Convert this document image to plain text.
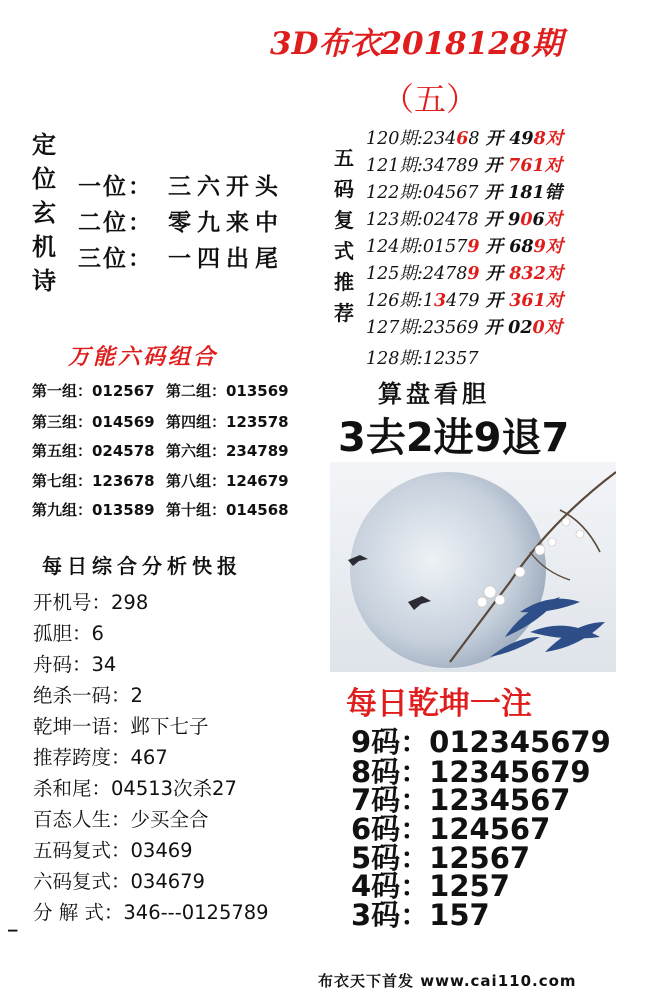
3D布衣2018128期
（五）
定
位
玄
机
诗
一位： 三六开头
二位： 零九来中
三位： 一四出尾
万能六码组合
第一组：012567 第二组：013569
第三组：014569 第四组：123578
第五组：024578 第六组：234789
第七组：123678 第八组：124679
第九组：013589 第十组：014568
每日综合分析快报
开机号：298
孤胆：6
舟码：34
绝杀一码：2
乾坤一语：邺下七子
推荐跨度：467
杀和尾：04513次杀27
百态人生：少买全合
五码复式：03469
六码复式：034679
分 解 式：346---0125789
五
码
复
式
推
荐
120期:23468 开 498对
121期:34789 开 761对
122期:04567 开 181错
123期:02478 开 906对
124期:01579 开 689对
125期:24789 开 832对
126期:13479 开 361对
127期:23569 开 020对
128期:12357
算盘看胆
3去2进9退7
每日乾坤一注
9码：012345679
8码：12345679
7码：1234567
6码：124567
5码：12567
4码：1257
3码：157
▔
布衣天下首发 www.cai110.com
